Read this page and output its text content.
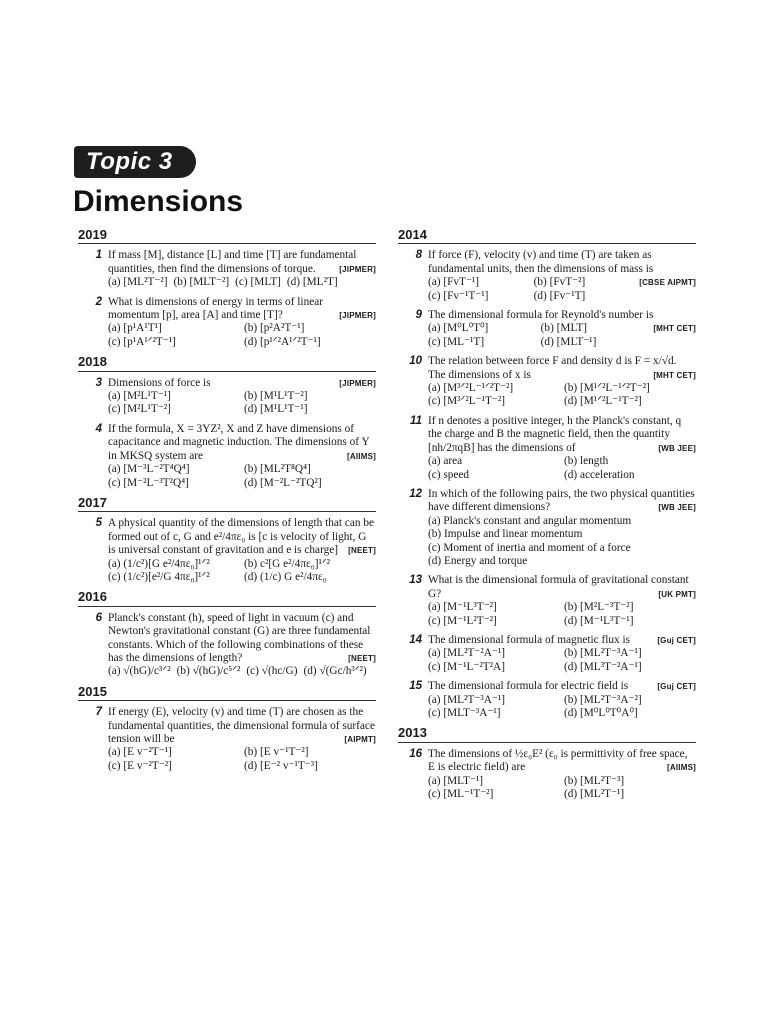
Topic 3
Dimensions
2019
1 If mass [M], distance [L] and time [T] are fundamental quantities, then find the dimensions of torque.	[JIPMER]
(a) [ML²T⁻²] (b) [MLT⁻²] (c) [MLT] (d) [ML²T]
2 What is dimensions of energy in terms of linear momentum [p], area [A] and time [T]?	[JIPMER]
(a) [p¹A¹T¹]	(b) [p²A²T⁻¹]
(c) [p¹A¹ᐟ²T⁻¹]	(d) [p¹ᐟ²A¹ᐟ²T⁻¹]
2018
3 Dimensions of force is	[JIPMER]
(a) [M²L¹T⁻¹]	(b) [M¹L¹T⁻²]
(c) [M²L¹T⁻²]	(d) [M¹L¹T⁻¹]
4 If the formula, X = 3YZ², X and Z have dimensions of capacitance and magnetic induction. The dimensions of Y in MKSQ system are	[AIIMS]
(a) [M⁻³L⁻²T⁴Q⁴]	(b) [ML²T⁸Q⁴]
(c) [M⁻²L⁻³T²Q⁴]	(d) [M⁻²L⁻²TQ²]
2017
5 A physical quantity of the dimensions of length that can be formed out of c, G and e²/4πε₀ is [c is velocity of light, G is universal constant of gravitation and e is charge] [NEET]
(a) (1/c²)[G e²/4πε₀]¹ᐟ²	(b) c²[G e²/4πε₀]¹ᐟ²
(c) (1/c²)[e²/G 4πε₀]¹ᐟ²	(d) (1/c) G e²/4πε₀
2016
6 Planck's constant (h), speed of light in vacuum (c) and Newton's gravitational constant (G) are three fundamental constants. Which of the following combinations of these has the dimensions of length?	[NEET]
(a) √(hG)/c³ᐟ² (b) √(hG)/c⁵ᐟ² (c) √(hc/G) (d) √(Gc/h³ᐟ²)
2015
7 If energy (E), velocity (v) and time (T) are chosen as the fundamental quantities, the dimensional formula of surface tension will be	[AIPMT]
(a) [E v⁻²T⁻¹]	(b) [E v⁻¹T⁻²]
(c) [E v⁻²T⁻²]	(d) [E⁻² v⁻¹T⁻³]
2014
8 If force (F), velocity (v) and time (T) are taken as fundamental units, then the dimensions of mass is
[CBSE AIPMT]
(a) [FvT⁻¹]	(b) [FvT⁻²]
(c) [Fv⁻¹T⁻¹]	(d) [Fv⁻¹T]
9 The dimensional formula for Reynold's number is
[MHT CET]
(a) [M⁰L⁰T⁰]	(b) [MLT]
(c) [ML⁻¹T]	(d) [MLT⁻¹]
10 The relation between force F and density d is F = x/√d. The dimensions of x is	[MHT CET]
(a) [M³ᐟ²L⁻¹ᐟ²T⁻²]	(b) [M¹ᐟ²L⁻¹ᐟ²T⁻²]
(c) [M³ᐟ²L⁻¹T⁻²]	(d) [M¹ᐟ²L⁻¹T⁻²]
11 If n denotes a positive integer, h the Planck's constant, q the charge and B the magnetic field, then the quantity [nh/2πqB] has the dimensions of	[WB JEE]
(a) area	(b) length
(c) speed	(d) acceleration
12 In which of the following pairs, the two physical quantities have different dimensions?	[WB JEE]
(a) Planck's constant and angular momentum
(b) Impulse and linear momentum
(c) Moment of inertia and moment of a force
(d) Energy and torque
13 What is the dimensional formula of gravitational constant G?	[UK PMT]
(a) [M⁻¹L³T⁻²]	(b) [M²L⁻³T⁻²]
(c) [M⁻¹L²T⁻²]	(d) [M⁻¹L³T⁻¹]
14 The dimensional formula of magnetic flux is	[Guj CET]
(a) [ML²T⁻²A⁻¹]	(b) [ML²T⁻³A⁻¹]
(c) [M⁻¹L⁻²T²A]	(d) [ML³T⁻²A⁻¹]
15 The dimensional formula for electric field is	[Guj CET]
(a) [ML²T⁻³A⁻¹]	(b) [ML²T⁻³A⁻²]
(c) [MLT⁻³A⁻¹]	(d) [M⁰L⁰T⁰A⁰]
2013
16 The dimensions of ½ε₀E² (ε₀ is permittivity of free space, E is electric field) are	[AIIMS]
(a) [MLT⁻¹]	(b) [ML²T⁻³]
(c) [ML⁻¹T⁻²]	(d) [ML²T⁻¹]
